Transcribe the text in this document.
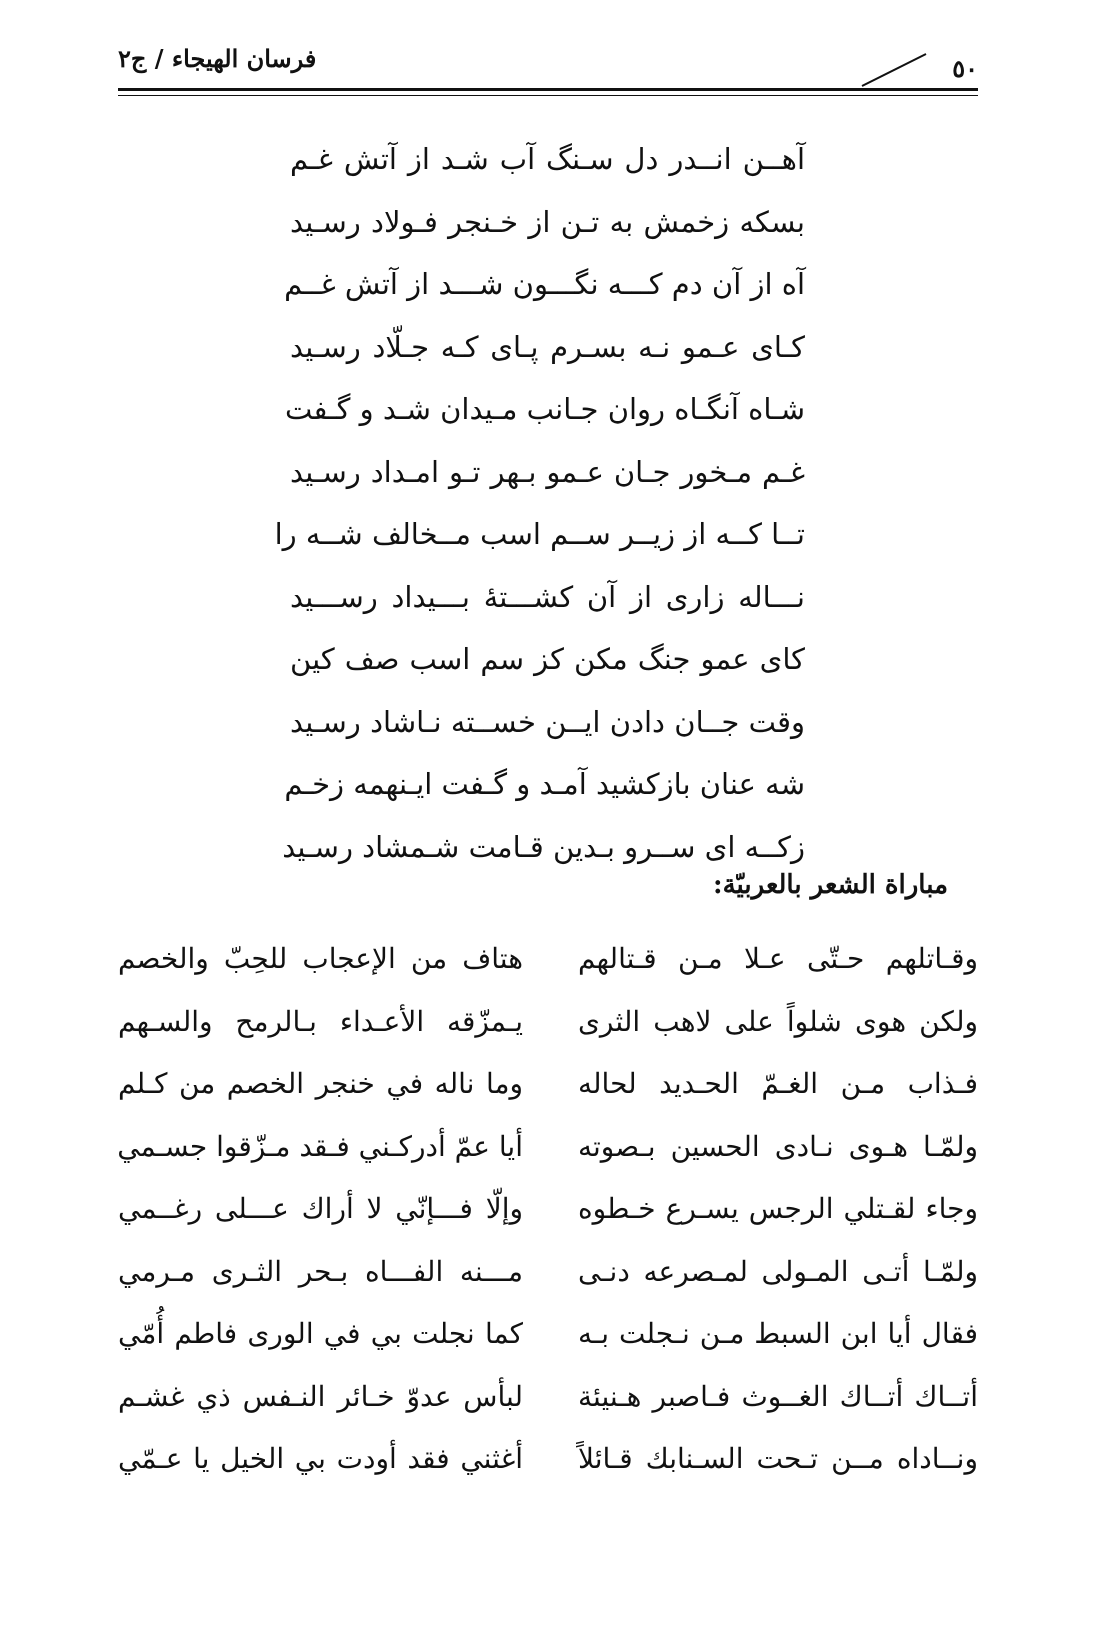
فرسان الهيجاء / ج٢	٥٠
آهــن انــدر دل سـنگ آب شـد از آتش غـم
بسكه زخمش به تـن از خـنجر فـولاد رسـيد
آه از آن دم كـــه نگـــون شـــد از آتش غــم
كـاى عـمو نـه بسـرم پـاى كـه جـلّاد رسـيد
شـاه آنگـاه روان جـانب مـيدان شـد و گـفت
غـم مـخور جـان عـمو بـهر تـو امـداد رسـيد
تــا كــه از زيــر ســم اسب مــخالف شــه را
نـــاله زارى از آن كشـــتهٔ بـــيداد رســـيد
كاى عمو جنگ مكن كز سم اسب صف كين
وقت جــان دادن ايــن خســته نـاشاد رسـيد
شه عنان بازكشيد آمـد و گـفت ايـنهمه زخـم
زكــه اى ســرو بـدين قـامت شـمشاد رسـيد
مباراة الشعر بالعربيّة:
وقـاتلهم حـتّى عـلا مـن قـتالهم
هتاف من الإعجاب للحِبّ والخصم
ولكن هوى شلواً على لاهب الثرى
يـمزّقه الأعـداء بـالرمح والسـهم
فـذاب مـن الغـمّ الحـديد لحاله
وما ناله في خنجر الخصم من كـلم
ولمّـا هـوى نـادى الحسين بـصوته
أيا عمّ أدركـني فـقد مـزّقوا جسـمي
وجاء لقـتلي الرجس يسـرع خـطوه
وإلّا فـــإنّي لا أراك عـــلى رغــمي
ولمّـا أتـى المـولى لمـصرعه دنـى
مـــنه الفـــاه بـحر الثـرى مـرمي
فقال أيا ابن السبط مـن نـجلت بـه
كما نجلت بي في الورى فاطم أُمّي
أتــاك أتــاك الغــوث فـاصبر هـنيئة
لبأس عدوّ خـائر النـفس ذي غشـم
ونــاداه مــن تـحت السـنابك قـائلاً
أغثني فقد أودت بي الخيل يا عـمّي
